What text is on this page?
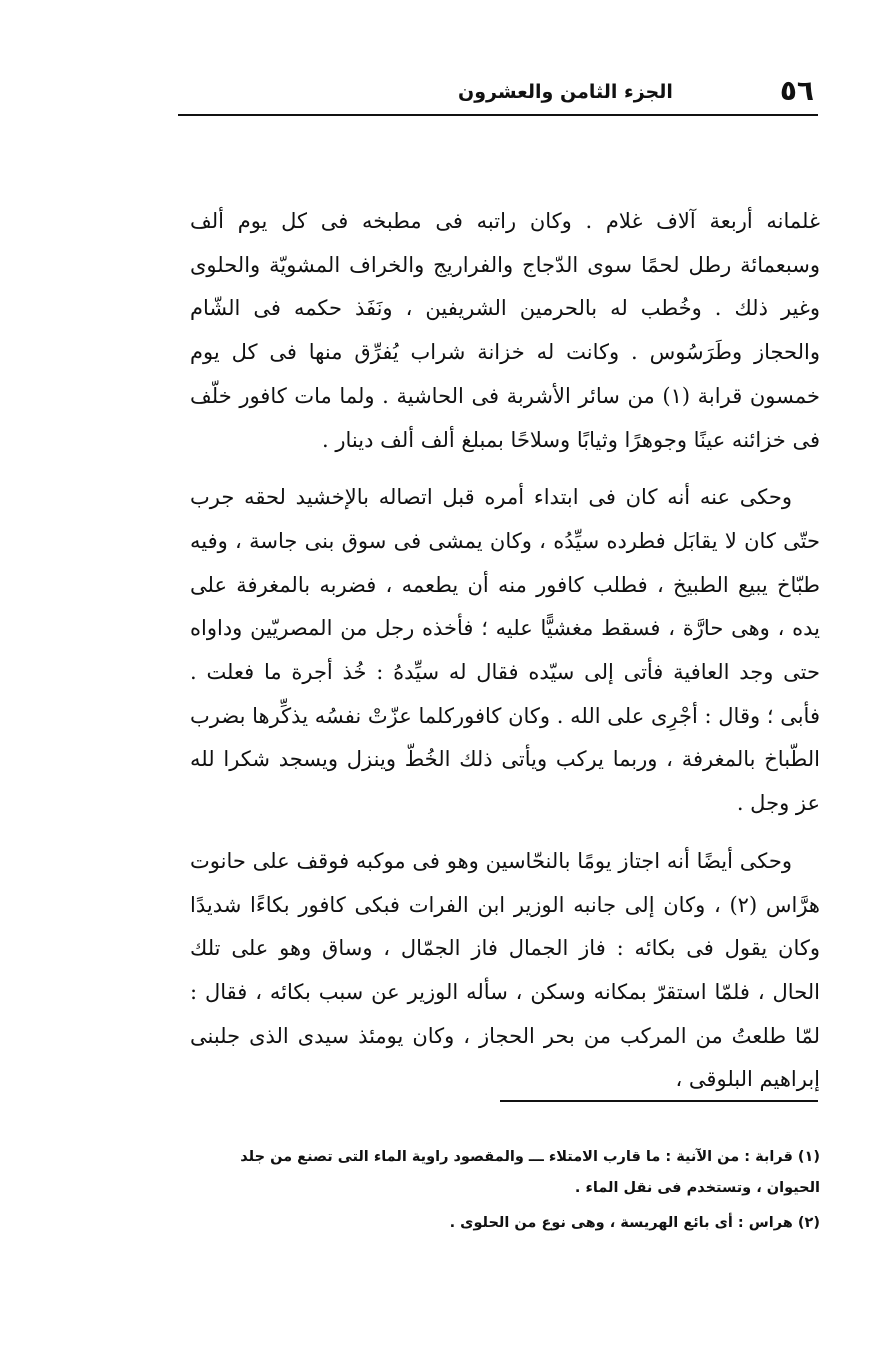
٥٦
الجزء الثامن والعشرون

غلمانه أربعة آلاف غلام . وكان راتبه فى مطبخه فى كل يوم ألف وسبعمائة رطل لحمًا سوى الدّجاج والفراريج والخراف المشويّة والحلوى وغير ذلك . وخُطب له بالحرمين الشريفين ، ونَفَذ حكمه فى الشّام والحجاز وطَرَسُوس . وكانت له خزانة شراب يُفرِّق منها فى كل يوم خمسون قرابة (١) من سائر الأشربة فى الحاشية . ولما مات كافور خلّف فى خزائنه عينًا وجوهرًا وثيابًا وسلاحًا بمبلغ ألف ألف دينار .

وحكى عنه أنه كان فى ابتداء أمره قبل اتصاله بالإخشيد لحقه جرب حتّى كان لا يقابَل فطرده سيِّدُه ، وكان يمشى فى سوق بنى جاسة ، وفيه طبّاخ يبيع الطبيخ ، فطلب كافور منه أن يطعمه ، فضربه بالمغرفة على يده ، وهى حارَّة ، فسقط مغشيًّا عليه ؛ فأخذه رجل من المصريّين وداواه حتى وجد العافية فأتى إلى سيّده فقال له سيِّدهُ : خُذ أجرة ما فعلت . فأبى ؛ وقال : أجْرِى على الله . وكان كافوركلما عزّتْ نفسُه يذكِّرها بضرب الطّباخ بالمغرفة ، وربما يركب ويأتى ذلك الخُطّ وينزل ويسجد شكرا لله عز وجل .

وحكى أيضًا أنه اجتاز يومًا بالنحّاسين وهو فى موكبه فوقف على حانوت هرَّاس (٢) ، وكان إلى جانبه الوزير ابن الفرات فبكى كافور بكاءًا شديدًا وكان يقول فى بكائه : فاز الجمال فاز الجمّال ، وساق وهو على تلك الحال ، فلمّا استقرّ بمكانه وسكن ، سأله الوزير عن سبب بكائه ، فقال : لمّا طلعتُ من المركب من بحر الحجاز ، وكان يومئذ سيدى الذى جلبنى إبراهيم البلوقى ،

(١) قرابة : من الآنية : ما قارب الامتلاء ـــ والمقصود راوية الماء التى تصنع من جلد الحيوان ، وتستخدم فى نقل الماء .

(٢) هراس : أى بائع الهريسة ، وهى نوع من الحلوى .
